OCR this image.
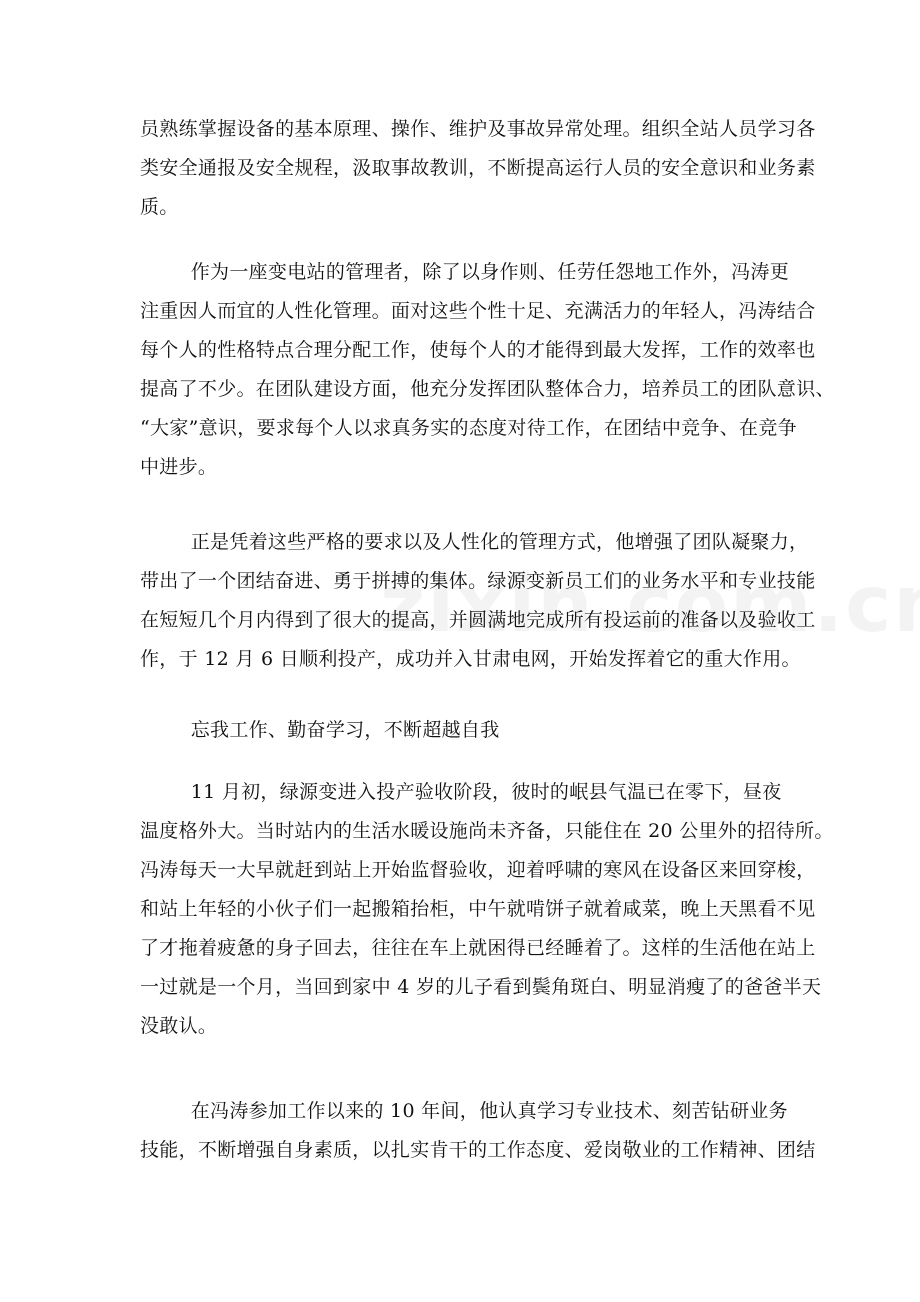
员熟练掌握设备的基本原理、操作、维护及事故异常处理。组织全站人员学习各
类安全通报及安全规程，汲取事故教训，不断提高运行人员的安全意识和业务素
质。

作为一座变电站的管理者，除了以身作则、任劳任怨地工作外，冯涛更
注重因人而宜的人性化管理。面对这些个性十足、充满活力的年轻人，冯涛结合
每个人的性格特点合理分配工作，使每个人的才能得到最大发挥，工作的效率也
提高了不少。在团队建设方面，他充分发挥团队整体合力，培养员工的团队意识、
“大家”意识，要求每个人以求真务实的态度对待工作，在团结中竞争、在竞争
中进步。

正是凭着这些严格的要求以及人性化的管理方式，他增强了团队凝聚力，
带出了一个团结奋进、勇于拼搏的集体。绿源变新员工们的业务水平和专业技能
在短短几个月内得到了很大的提高，并圆满地完成所有投运前的准备以及验收工
作，于 12 月 6 日顺利投产，成功并入甘肃电网，开始发挥着它的重大作用。

忘我工作、勤奋学习，不断超越自我

11 月初，绿源变进入投产验收阶段，彼时的岷县气温已在零下，昼夜
温度格外大。当时站内的生活水暖设施尚未齐备，只能住在 20 公里外的招待所。
冯涛每天一大早就赶到站上开始监督验收，迎着呼啸的寒风在设备区来回穿梭，
和站上年轻的小伙子们一起搬箱抬柜，中午就啃饼子就着咸菜，晚上天黑看不见
了才拖着疲惫的身子回去，往往在车上就困得已经睡着了。这样的生活他在站上
一过就是一个月，当回到家中 4 岁的儿子看到鬓角斑白、明显消瘦了的爸爸半天
没敢认。

在冯涛参加工作以来的 10 年间，他认真学习专业技术、刻苦钻研业务
技能，不断增强自身素质，以扎实肯干的工作态度、爱岗敬业的工作精神、团结
